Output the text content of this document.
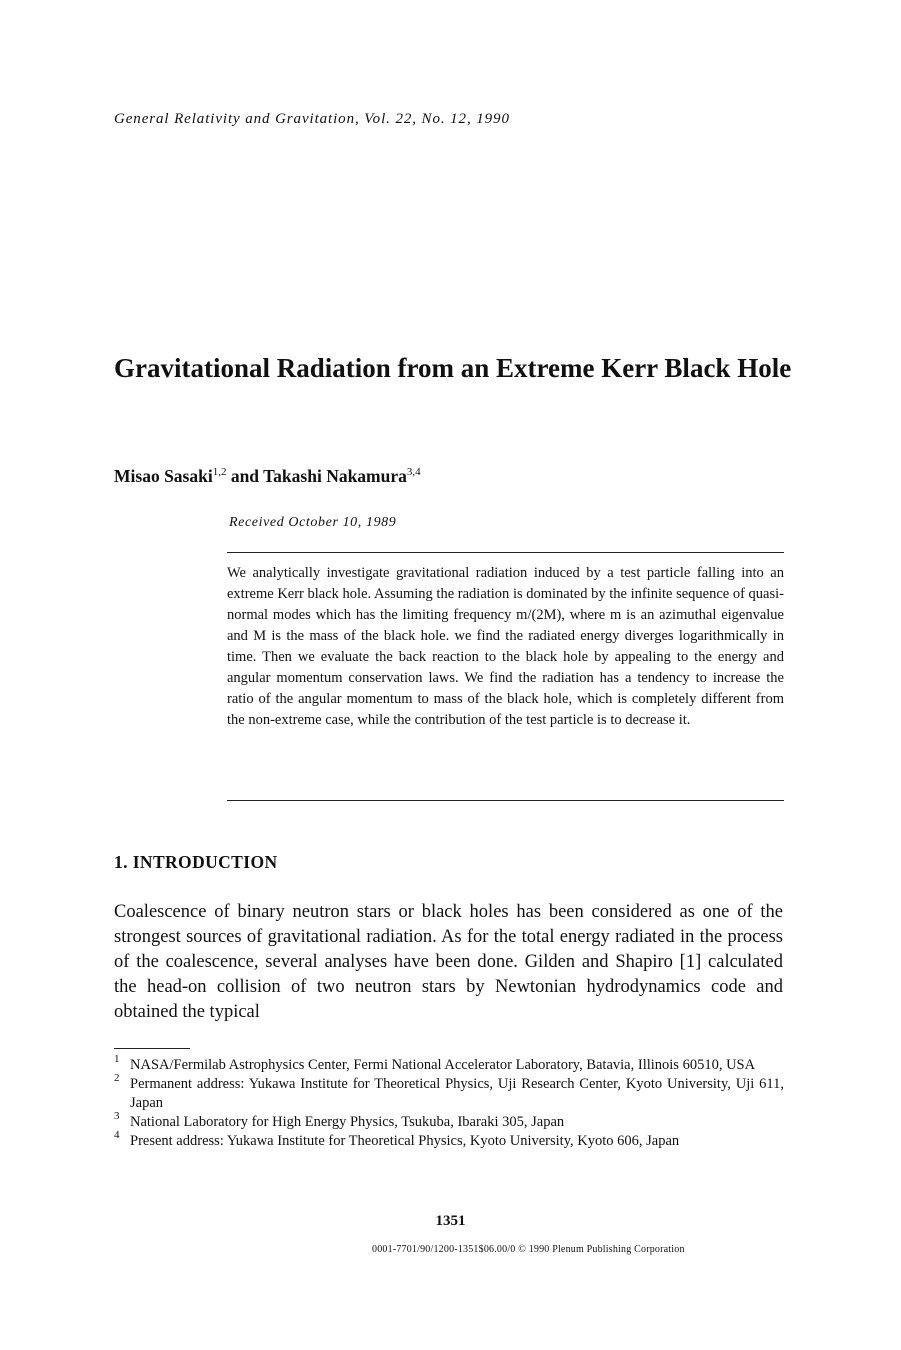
General Relativity and Gravitation, Vol. 22, No. 12, 1990
Gravitational Radiation from an Extreme Kerr Black Hole
Misao Sasaki$^{1,2}$ and Takashi Nakamura$^{3,4}$
Received October 10, 1989
We analytically investigate gravitational radiation induced by a test particle falling into an extreme Kerr black hole. Assuming the radiation is dominated by the infinite sequence of quasi-normal modes which has the limiting frequency m/(2M), where m is an azimuthal eigenvalue and M is the mass of the black hole. we find the radiated energy diverges logarithmically in time. Then we evaluate the back reaction to the black hole by appealing to the energy and angular momentum conservation laws. We find the radiation has a tendency to increase the ratio of the angular momentum to mass of the black hole, which is completely different from the non-extreme case, while the contribution of the test particle is to decrease it.
1. INTRODUCTION
Coalescence of binary neutron stars or black holes has been considered as one of the strongest sources of gravitational radiation. As for the total energy radiated in the process of the coalescence, several analyses have been done. Gilden and Shapiro [1] calculated the head-on collision of two neutron stars by Newtonian hydrodynamics code and obtained the typical
1 NASA/Fermilab Astrophysics Center, Fermi National Accelerator Laboratory, Batavia, Illinois 60510, USA
2 Permanent address: Yukawa Institute for Theoretical Physics, Uji Research Center, Kyoto University, Uji 611, Japan
3 National Laboratory for High Energy Physics, Tsukuba, Ibaraki 305, Japan
4 Present address: Yukawa Institute for Theoretical Physics, Kyoto University, Kyoto 606, Japan
1351
0001-7701/90/1200-1351$06.00/0 © 1990 Plenum Publishing Corporation
